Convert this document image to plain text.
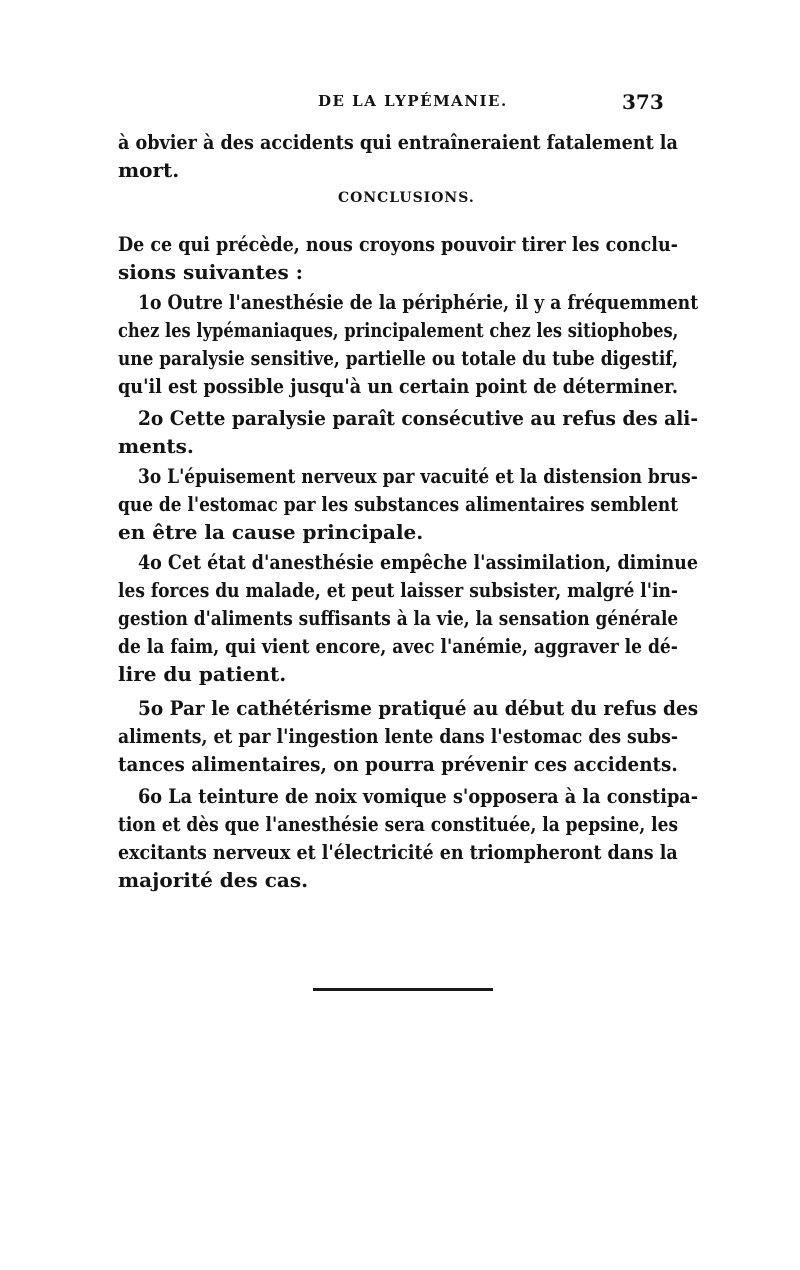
DE LA LYPÉMANIE.	373
à obvier à des accidents qui entraîneraient fatalement la
mort.
CONCLUSIONS.
De ce qui précède, nous croyons pouvoir tirer les conclu-
sions suivantes :
1o Outre l'anesthésie de la périphérie, il y a fréquemment
chez les lypémaniaques, principalement chez les sitiophobes,
une paralysie sensitive, partielle ou totale du tube digestif,
qu'il est possible jusqu'à un certain point de déterminer.
2o Cette paralysie paraît consécutive au refus des ali-
ments.
3o L'épuisement nerveux par vacuité et la distension brus-
que de l'estomac par les substances alimentaires semblent
en être la cause principale.
4o Cet état d'anesthésie empêche l'assimilation, diminue
les forces du malade, et peut laisser subsister, malgré l'in-
gestion d'aliments suffisants à la vie, la sensation générale
de la faim, qui vient encore, avec l'anémie, aggraver le dé-
lire du patient.
5o Par le cathétérisme pratiqué au début du refus des
aliments, et par l'ingestion lente dans l'estomac des subs-
tances alimentaires, on pourra prévenir ces accidents.
6o La teinture de noix vomique s'opposera à la constipa-
tion et dès que l'anesthésie sera constituée, la pepsine, les
excitants nerveux et l'électricité en triompheront dans la
majorité des cas.
